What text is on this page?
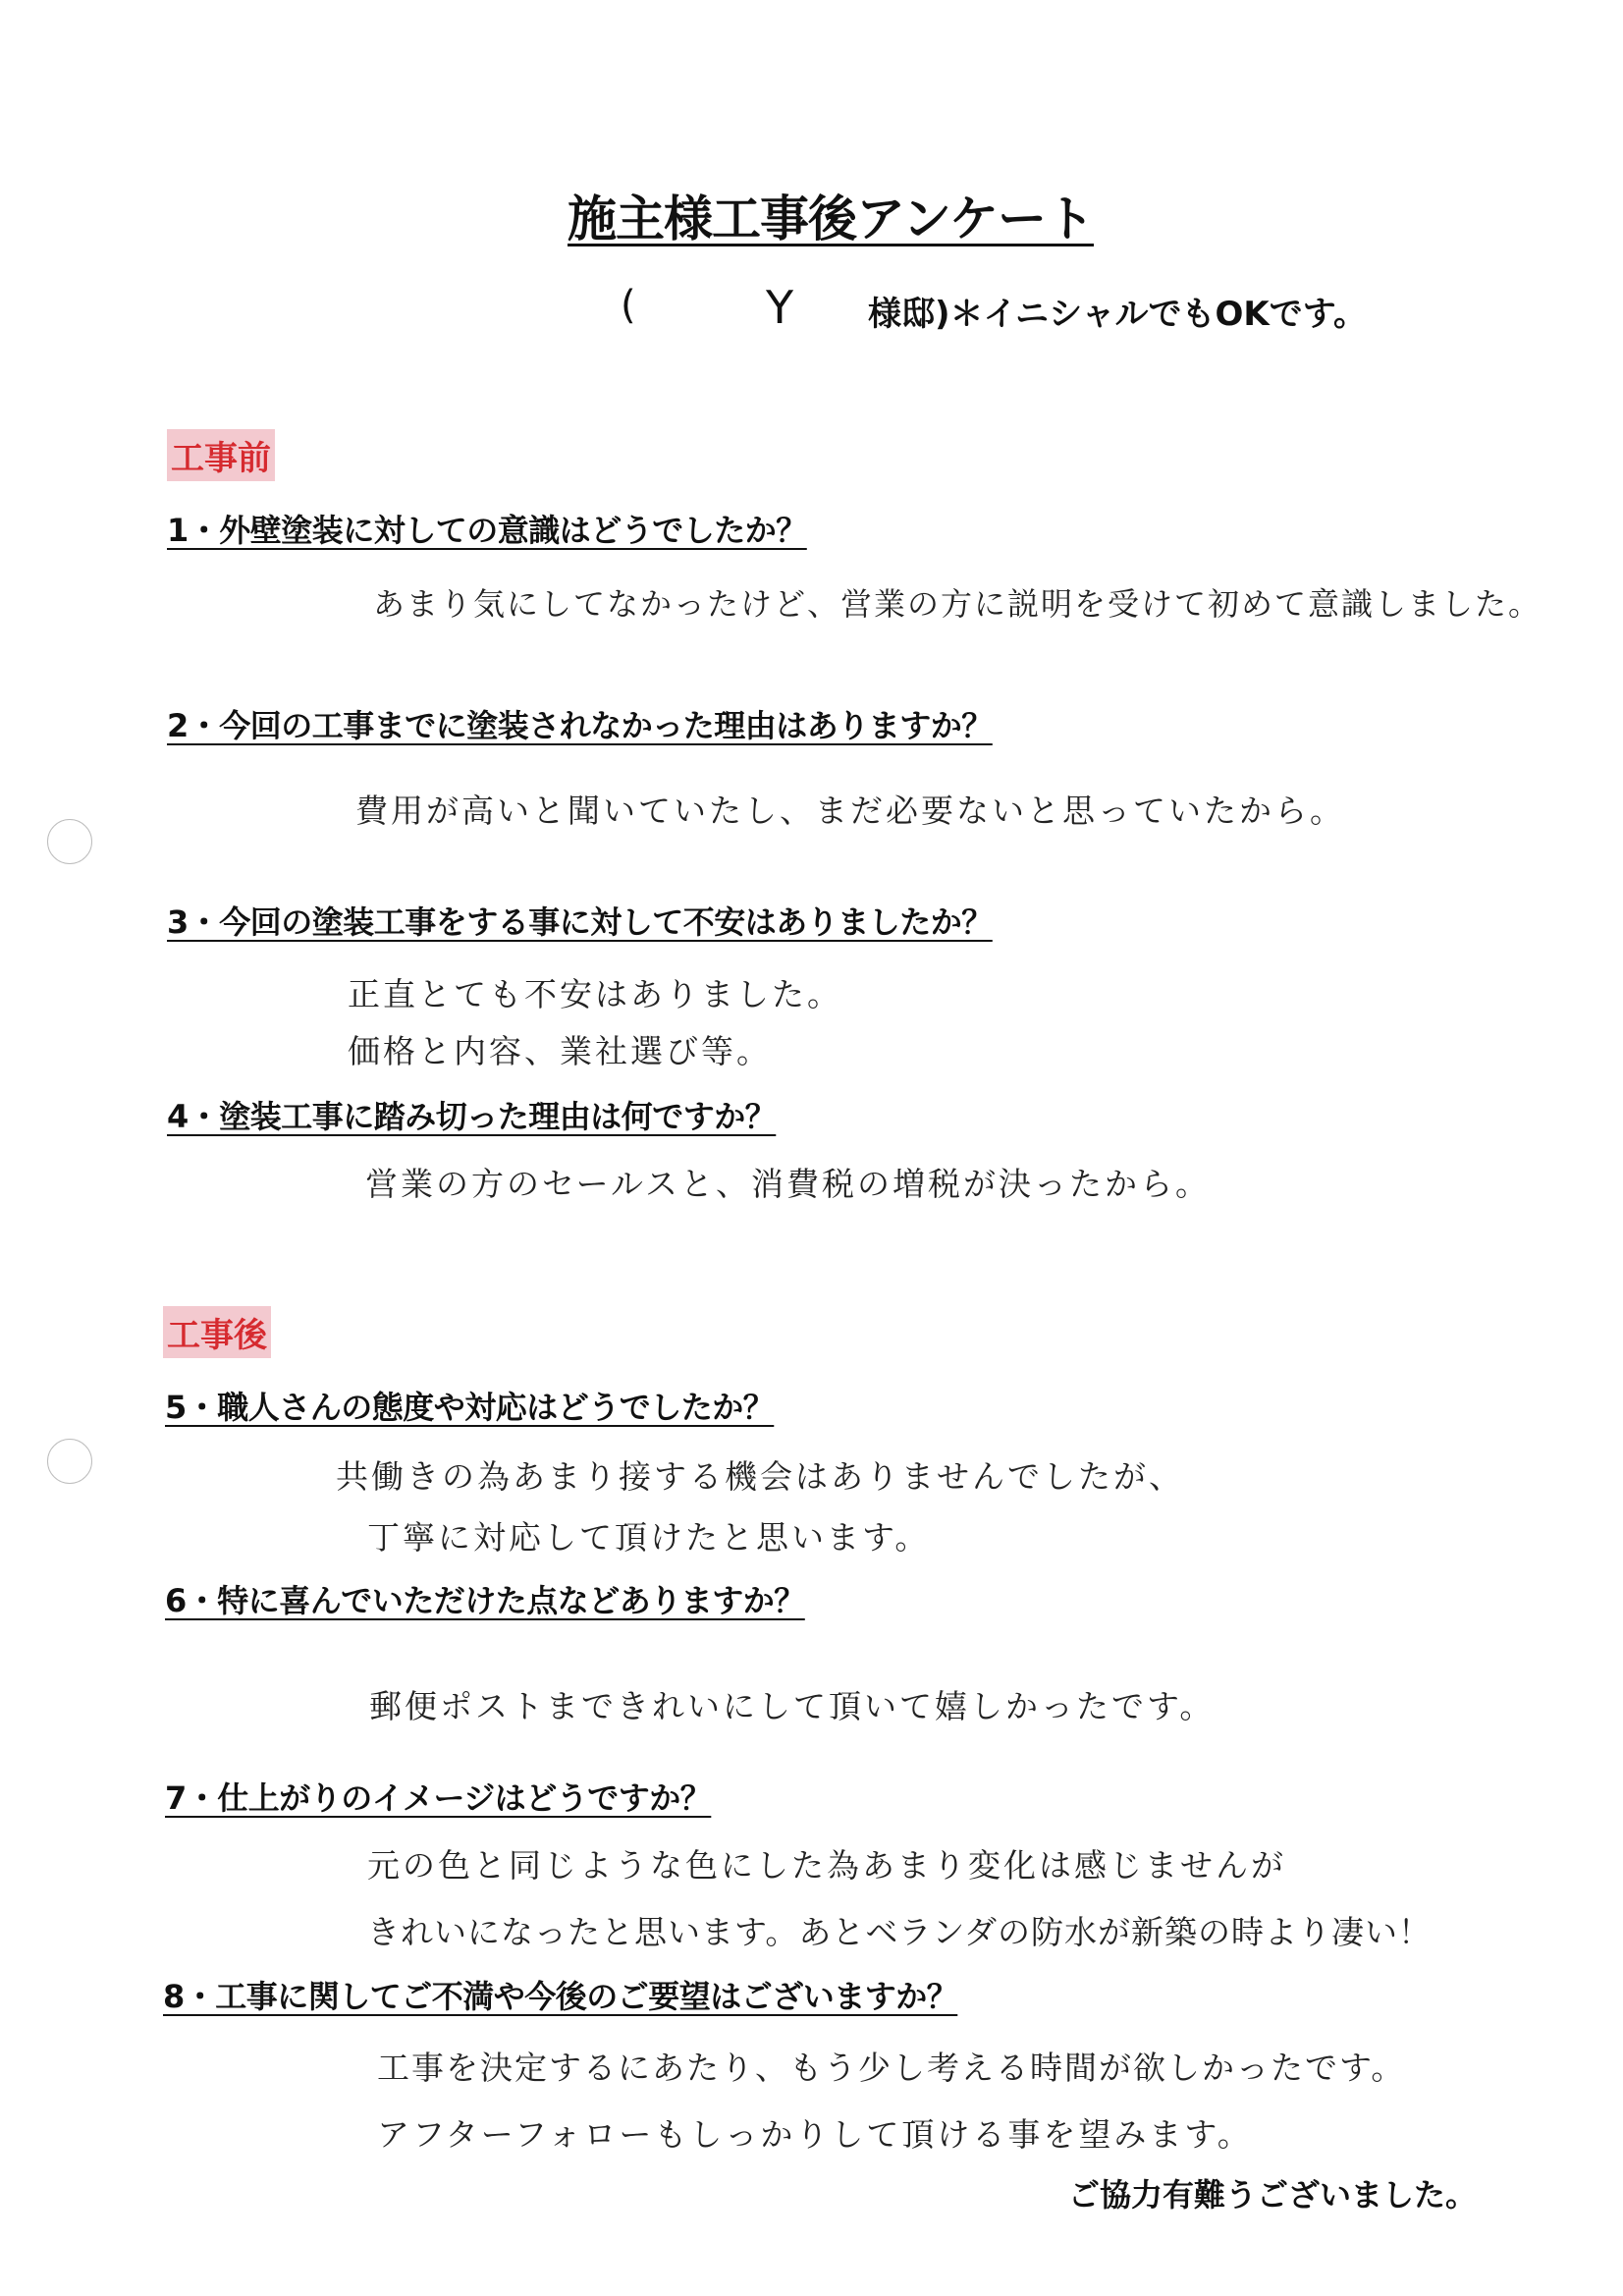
施主様工事後アンケート
(	Y 様邸)＊イニシャルでもOKです。
工事前
1・外壁塗装に対しての意識はどうでしたか？
あまり気にしてなかったけど、営業の方に説明を受けて初めて意識しました。
2・今回の工事までに塗装されなかった理由はありますか？
費用が高いと聞いていたし、まだ必要ないと思っていたから。
3・今回の塗装工事をする事に対して不安はありましたか？
正直とても不安はありました。
価格と内容、業社選び等。
4・塗装工事に踏み切った理由は何ですか？
営業の方のセールスと、消費税の増税が決ったから。
工事後
5・職人さんの態度や対応はどうでしたか？
共働きの為あまり接する機会はありませんでしたが、
丁寧に対応して頂けたと思います。
6・特に喜んでいただけた点などありますか？
郵便ポストまできれいにして頂いて嬉しかったです。
7・仕上がりのイメージはどうですか？
元の色と同じような色にした為あまり変化は感じませんが
きれいになったと思います。あとベランダの防水が新築の時より凄い！
8・工事に関してご不満や今後のご要望はございますか？
工事を決定するにあたり、もう少し考える時間が欲しかったです。
アフターフォローもしっかりして頂ける事を望みます。
ご協力有難うございました。
